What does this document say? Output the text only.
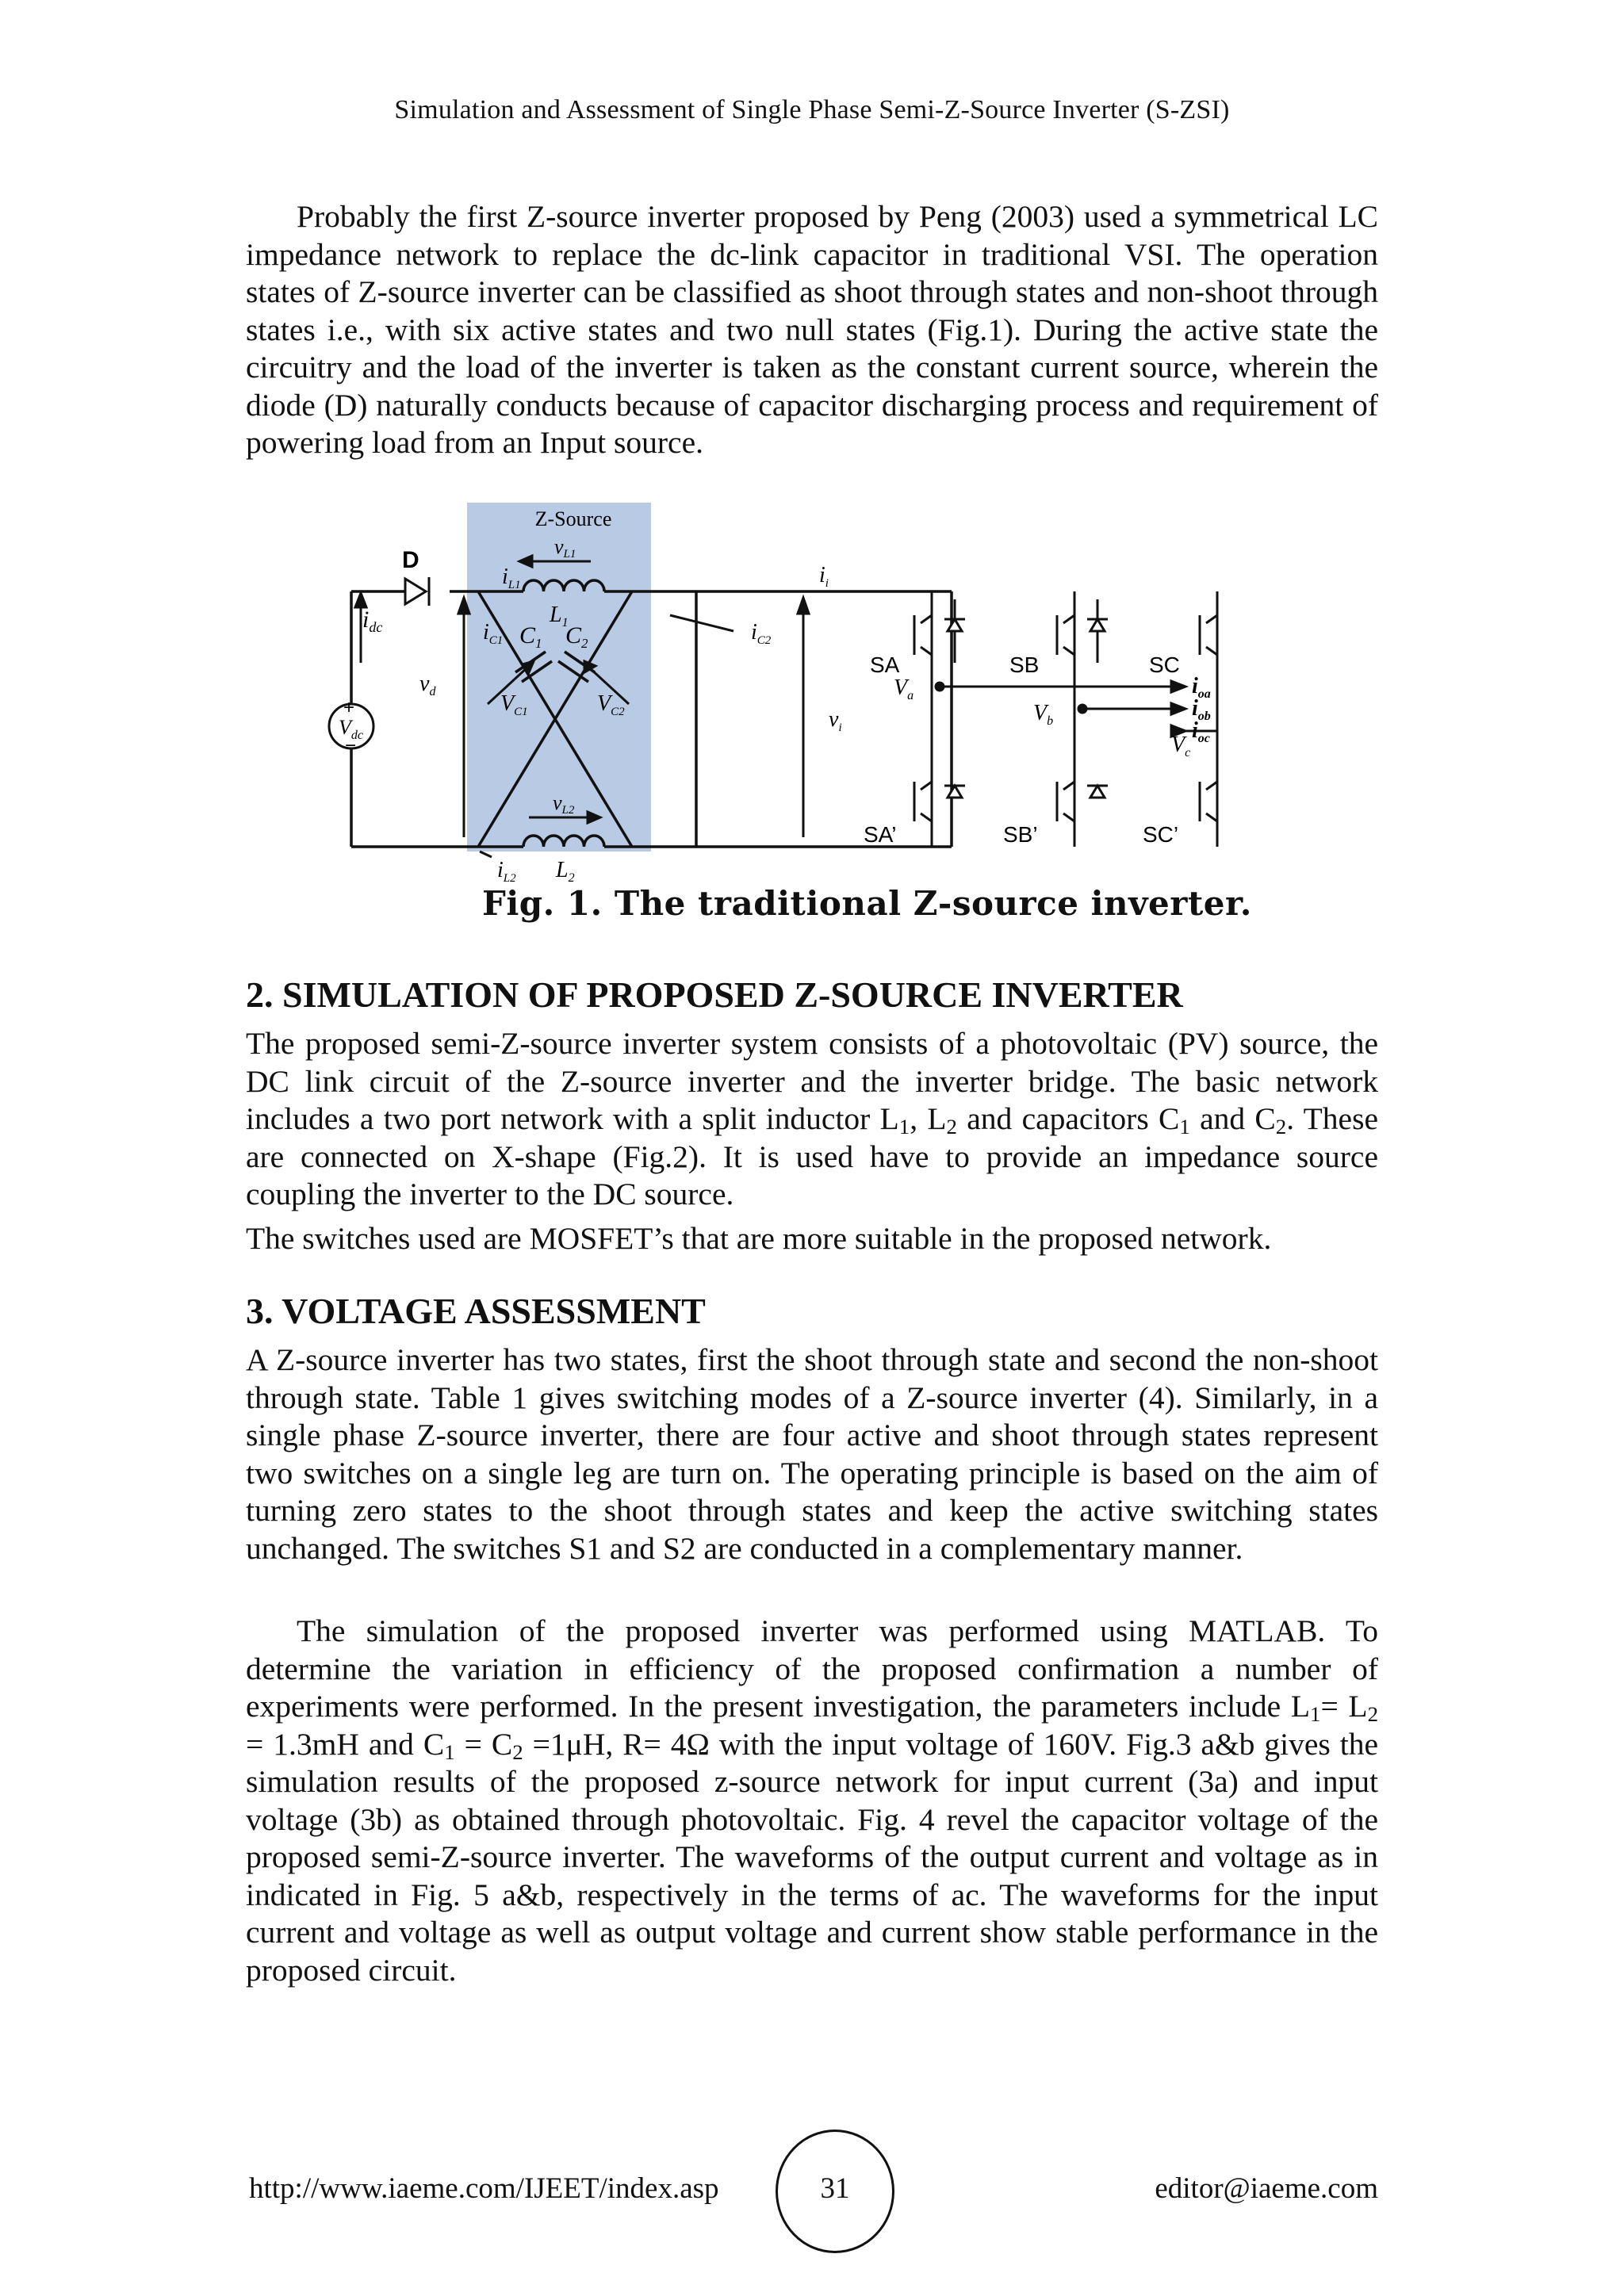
Simulation and Assessment of Single Phase Semi-Z-Source Inverter (S-ZSI)

Probably the first Z-source inverter proposed by Peng (2003) used a symmetrical LC impedance network to replace the dc-link capacitor in traditional VSI. The operation states of Z-source inverter can be classified as shoot through states and non-shoot through states i.e., with six active states and two null states (Fig.1). During the active state the circuitry and the load of the inverter is taken as the constant current source, wherein the diode (D) naturally conducts because of capacitor discharging process and requirement of powering load from an Input source.

Z-Source
D
$i_{dc}$
+
−
$V_{dc}$
$v_d$
vL1
$L_1$
$i_{L1}$
vL2
$L_2$
$i_{L2}$
$C_1$ $C_2$
$V_{C1}$	$V_{C2}$
$i_{C1}$	$i_{C2}$
$i_i$
$v_i$
SA	SB	SC
SA’	SB’	SC’
$V_a$
$V_b$
$V_c$
$i_{oa}$
$i_{ob}$
$i_{oc}$
Fig. 1. The traditional Z-source inverter.
2. SIMULATION OF PROPOSED Z-SOURCE INVERTER

The proposed semi-Z-source inverter system consists of a photovoltaic (PV) source, the DC link circuit of the Z-source inverter and the inverter bridge. The basic network includes a two port network with a split inductor $L_1$, $L_2$ and capacitors $C_1$ and $C_2$. These are connected on X-shape (Fig.2). It is used have to provide an impedance source coupling the inverter to the DC source.

The switches used are MOSFET’s that are more suitable in the proposed network.

3. VOLTAGE ASSESSMENT

A Z-source inverter has two states, first the shoot through state and second the non-shoot through state. Table 1 gives switching modes of a Z-source inverter (4). Similarly, in a single phase Z-source inverter, there are four active and shoot through states represent two switches on a single leg are turn on. The operating principle is based on the aim of turning zero states to the shoot through states and keep the active switching states unchanged. The switches S1 and S2 are conducted in a complementary manner.

The simulation of the proposed inverter was performed using MATLAB. To determine the variation in efficiency of the proposed confirmation a number of experiments were performed. In the present investigation, the parameters include $L_1= L_2 = 1.3mH$ and $C_1 = C_2 =1\mu H$, R= 4Ω with the input voltage of 160V. Fig.3 a&b gives the simulation results of the proposed z-source network for input current (3a) and input voltage (3b) as obtained through photovoltaic. Fig. 4 revel the capacitor voltage of the proposed semi-Z-source inverter. The waveforms of the output current and voltage as in indicated in Fig. 5 a&b, respectively in the terms of ac. The waveforms for the input current and voltage as well as output voltage and current show stable performance in the proposed circuit.

http://www.iaeme.com/IJEET/index.asp	31	editor@iaeme.com
